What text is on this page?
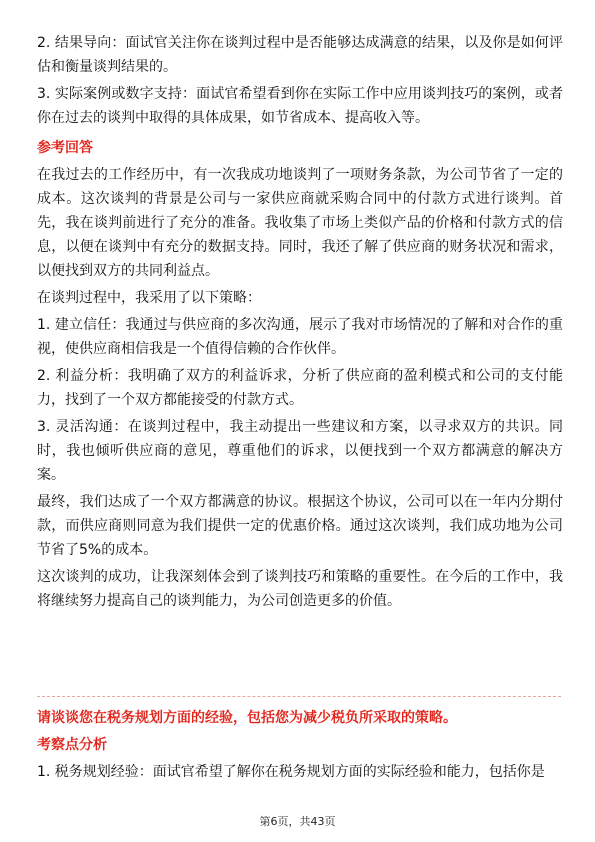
2. 结果导向：面试官关注你在谈判过程中是否能够达成满意的结果，以及你是如何评估和衡量谈判结果的。

3. 实际案例或数字支持：面试官希望看到你在实际工作中应用谈判技巧的案例，或者你在过去的谈判中取得的具体成果，如节省成本、提高收入等。

参考回答

在我过去的工作经历中，有一次我成功地谈判了一项财务条款，为公司节省了一定的成本。这次谈判的背景是公司与一家供应商就采购合同中的付款方式进行谈判。首先，我在谈判前进行了充分的准备。我收集了市场上类似产品的价格和付款方式的信息，以便在谈判中有充分的数据支持。同时，我还了解了供应商的财务状况和需求，以便找到双方的共同利益点。

在谈判过程中，我采用了以下策略：

1. 建立信任：我通过与供应商的多次沟通，展示了我对市场情况的了解和对合作的重视，使供应商相信我是一个值得信赖的合作伙伴。

2. 利益分析：我明确了双方的利益诉求，分析了供应商的盈利模式和公司的支付能力，找到了一个双方都能接受的付款方式。

3. 灵活沟通：在谈判过程中，我主动提出一些建议和方案，以寻求双方的共识。同时，我也倾听供应商的意见，尊重他们的诉求，以便找到一个双方都满意的解决方案。

最终，我们达成了一个双方都满意的协议。根据这个协议，公司可以在一年内分期付款，而供应商则同意为我们提供一定的优惠价格。通过这次谈判，我们成功地为公司节省了5%的成本。

这次谈判的成功，让我深刻体会到了谈判技巧和策略的重要性。在今后的工作中，我将继续努力提高自己的谈判能力，为公司创造更多的价值。

请谈谈您在税务规划方面的经验，包括您为减少税负所采取的策略。
考察点分析

1. 税务规划经验：面试官希望了解你在税务规划方面的实际经验和能力，包括你是

第6页，共43页
